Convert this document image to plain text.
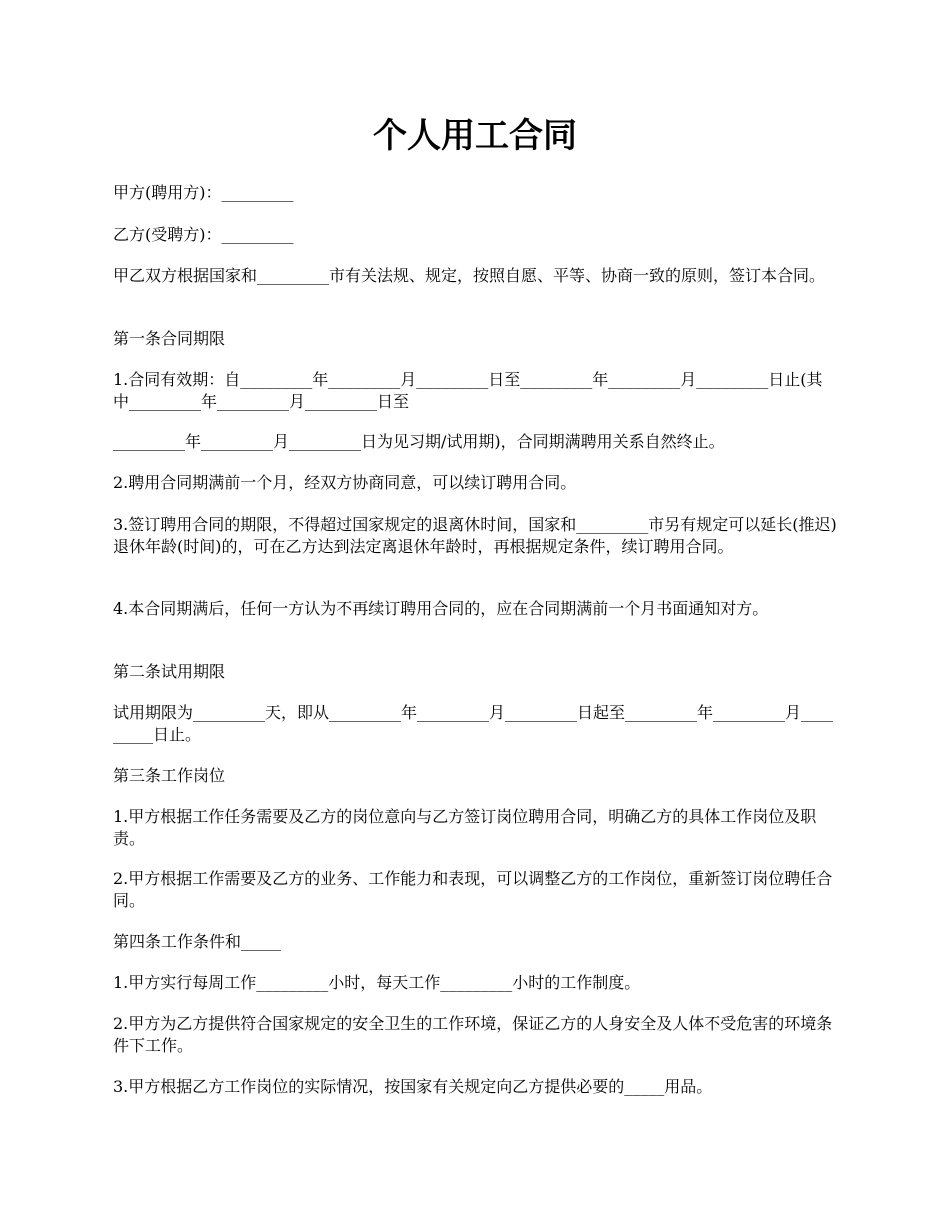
个人用工合同

甲方(聘用方)：_________

乙方(受聘方)：_________

甲乙双方根据国家和_________市有关法规、规定，按照自愿、平等、协商一致的原则，签订本合同。

第一条合同期限

1.合同有效期：自_________年_________月_________日至_________年_________月_________日止(其中_________年_________月_________日至

_________年_________月_________日为见习期/试用期)，合同期满聘用关系自然终止。

2.聘用合同期满前一个月，经双方协商同意，可以续订聘用合同。

3.签订聘用合同的期限，不得超过国家规定的退离休时间，国家和_________市另有规定可以延长(推迟)退休年龄(时间)的，可在乙方达到法定离退休年龄时，再根据规定条件，续订聘用合同。

4.本合同期满后，任何一方认为不再续订聘用合同的，应在合同期满前一个月书面通知对方。

第二条试用期限

试用期限为_________天，即从_________年_________月_________日起至_________年_________月_________日止。

第三条工作岗位

1.甲方根据工作任务需要及乙方的岗位意向与乙方签订岗位聘用合同，明确乙方的具体工作岗位及职责。

2.甲方根据工作需要及乙方的业务、工作能力和表现，可以调整乙方的工作岗位，重新签订岗位聘任合同。

第四条工作条件和_____

1.甲方实行每周工作_________小时，每天工作_________小时的工作制度。

2.甲方为乙方提供符合国家规定的安全卫生的工作环境，保证乙方的人身安全及人体不受危害的环境条件下工作。

3.甲方根据乙方工作岗位的实际情况，按国家有关规定向乙方提供必要的_____用品。
